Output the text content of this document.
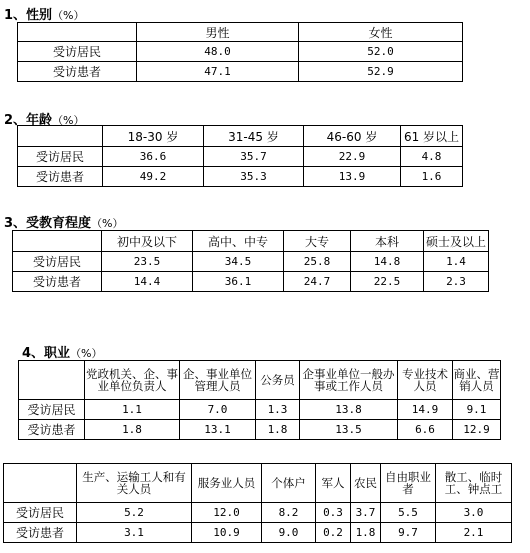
1、性别（%）
	男性	女性
受访居民	48.0	52.0
受访患者	47.1	52.9
2、年龄（%）
	18-30 岁	31-45 岁	46-60 岁	61 岁以上
受访居民	36.6	35.7	22.9	4.8
受访患者	49.2	35.3	13.9	1.6
3、受教育程度（%）
	初中及以下	高中、中专	大专	本科	硕士及以上
受访居民	23.5	34.5	25.8	14.8	1.4
受访患者	14.4	36.1	24.7	22.5	2.3
4、职业（%）
	党政机关、企、事业单位负责人	企、事业单位管理人员	公务员	企事业单位一般办事或工作人员	专业技术人员	商业、营销人员
受访居民	1.1	7.0	1.3	13.8	14.9	9.1
受访患者	1.8	13.1	1.8	13.5	6.6	12.9
	生产、运输工人和有关人员	服务业人员	个体户	军人	农民	自由职业者	散工、临时工、钟点工
受访居民	5.2	12.0	8.2	0.3	3.7	5.5	3.0
受访患者	3.1	10.9	9.0	0.2	1.8	9.7	2.1
